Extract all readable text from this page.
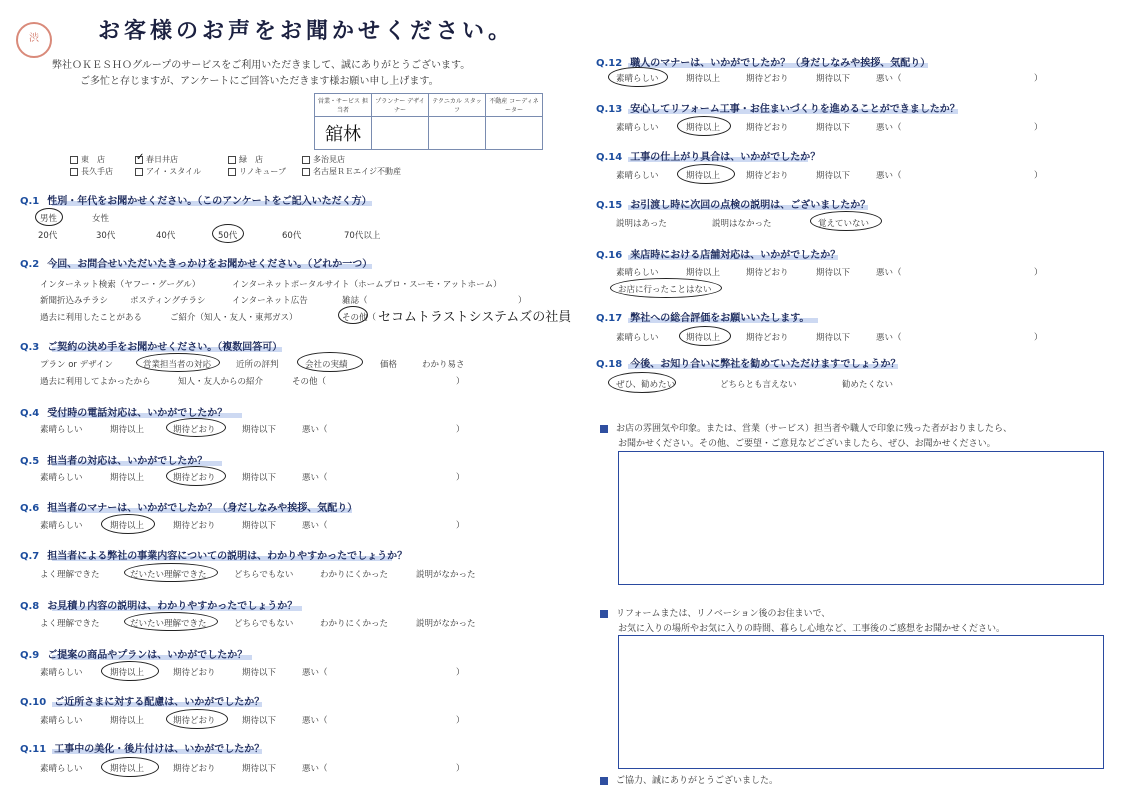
渋	お客様のお声をお聞かせください。
弊社ＯＫＥＳＨＯグループのサービスをご利用いただきまして、誠にありがとうございます。
ご多忙と存じますが、アンケートにご回答いただきます様お願い申し上げます。
営業・サービス 担当者	プランナー デザイナー	テクニカル スタッフ	不動産 コーディネーター
舘林			
東　店	✓ 春日井店	緑　店	多治見店
長久手店	アイ・スタイル	リノキューブ	名古屋ＲＥエイジ不動産
Q.1 性別・年代をお聞かせください。（このアンケートをご記入いただく方）
男性	女性
20代	30代	40代	50代	60代	70代以上
Q.2 今回、お問合せいただいたきっかけをお聞かせください。（どれか一つ）
インターネット検索（ヤフー・グーグル）	インターネットポータルサイト（ホームプロ・スーモ・アットホーム）
新聞折込みチラシ	ポスティングチラシ	インターネット広告	雑誌（	）
過去に利用したことがある	ご紹介（知人・友人・東邦ガス）	その他（ セコムトラストシステムズの社員
Q.3 ご契約の決め手をお聞かせください。（複数回答可）
プラン or デザイン	営業担当者の対応	近所の評判	会社の実績	価格	わかり易さ
過去に利用してよかったから	知人・友人からの紹介	その他（	）
Q.4 受付時の電話対応は、いかがでしたか？
素晴らしい	期待以上	期待どおり	期待以下	悪い（	）
Q.5 担当者の対応は、いかがでしたか？
素晴らしい	期待以上	期待どおり	期待以下	悪い（	）
Q.6 担当者のマナーは、いかがでしたか？（身だしなみや挨拶、気配り）
素晴らしい	期待以上	期待どおり	期待以下	悪い（	）
Q.7 担当者による弊社の事業内容についての説明は、わかりやすかったでしょうか？
よく理解できた	だいたい理解できた	どちらでもない	わかりにくかった	説明がなかった
Q.8 お見積り内容の説明は、わかりやすかったでしょうか？
よく理解できた	だいたい理解できた	どちらでもない	わかりにくかった	説明がなかった
Q.9 ご提案の商品やプランは、いかがでしたか？
素晴らしい	期待以上	期待どおり	期待以下	悪い（	）
Q.10 ご近所さまに対する配慮は、いかがでしたか？
素晴らしい	期待以上	期待どおり	期待以下	悪い（	）
Q.11 工事中の美化・後片付けは、いかがでしたか？
素晴らしい	期待以上	期待どおり	期待以下	悪い（	）
Q.12 職人のマナーは、いかがでしたか？（身だしなみや挨拶、気配り）
素晴らしい	期待以上	期待どおり	期待以下	悪い（	）
Q.13 安心してリフォーム工事・お住まいづくりを進めることができましたか？
素晴らしい	期待以上	期待どおり	期待以下	悪い（	）
Q.14 工事の仕上がり具合は、いかがでしたか？
素晴らしい	期待以上	期待どおり	期待以下	悪い（	）
Q.15 お引渡し時に次回の点検の説明は、ございましたか？
説明はあった	説明はなかった	覚えていない
Q.16 来店時における店舗対応は、いかがでしたか？
素晴らしい	期待以上	期待どおり	期待以下	悪い（	）
お店に行ったことはない
Q.17 弊社への総合評価をお願いいたします。
素晴らしい	期待以上	期待どおり	期待以下	悪い（	）
Q.18 今後、お知り合いに弊社を勧めていただけますでしょうか？
ぜひ、勧めたい	どちらとも言えない	勧めたくない
お店の雰囲気や印象。または、営業（サービス）担当者や職人で印象に残った者がおりましたら、
お聞かせください。その他、ご要望・ご意見などございましたら、ぜひ、お聞かせください。
リフォームまたは、リノベーション後のお住まいで、
お気に入りの場所やお気に入りの時間、暮らし心地など、工事後のご感想をお聞かせください。
ご協力、誠にありがとうございました。
